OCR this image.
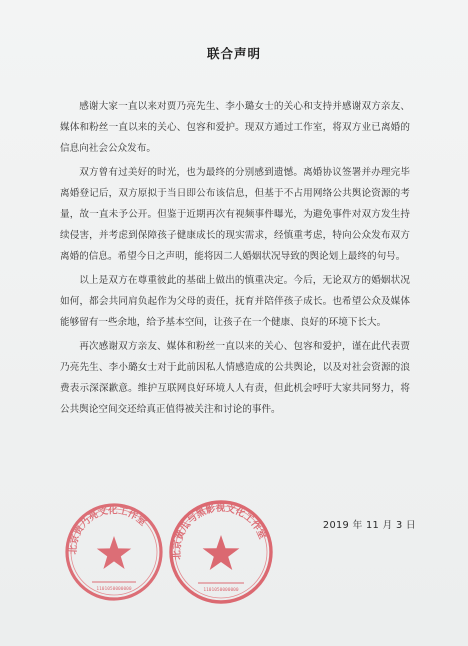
联合声明

感谢大家一直以来对贾乃亮先生、李小璐女士的关心和支持并感谢双方亲友、媒体和粉丝一直以来的关心、包容和爱护。现双方通过工作室，将双方业已离婚的信息向社会公众发布。

双方曾有过美好的时光，也为最终的分别感到遗憾。离婚协议签署并办理完毕离婚登记后，双方原拟于当日即公布该信息，但基于不占用网络公共舆论资源的考量，故一直未予公开。但鉴于近期再次有视频事件曝光，为避免事件对双方发生持续侵害，并考虑到保障孩子健康成长的现实需求，经慎重考虑，特向公众发布双方离婚的信息。希望今日之声明，能将因二人婚姻状况导致的舆论划上最终的句号。

以上是双方在尊重彼此的基础上做出的慎重决定。今后，无论双方的婚姻状况如何，都会共同肩负起作为父母的责任，抚育并陪伴孩子成长。也希望公众及媒体能够留有一些余地，给予基本空间，让孩子在一个健康、良好的环境下长大。

再次感谢双方亲友、媒体和粉丝一直以来的关心、包容和爱护，谨在此代表贾乃亮先生、李小璐女士对于此前因私人情感造成的公共舆论，以及对社会资源的浪费表示深深歉意。维护互联网良好环境人人有责，但此机会呼吁大家共同努力，将公共舆论空间交还给真正值得被关注和讨论的事件。

2019 年 11 月 3 日
北京贾乃亮文化工作室
1101050000000
北京黄瓜与黑影视文化工作室
1101050000000
